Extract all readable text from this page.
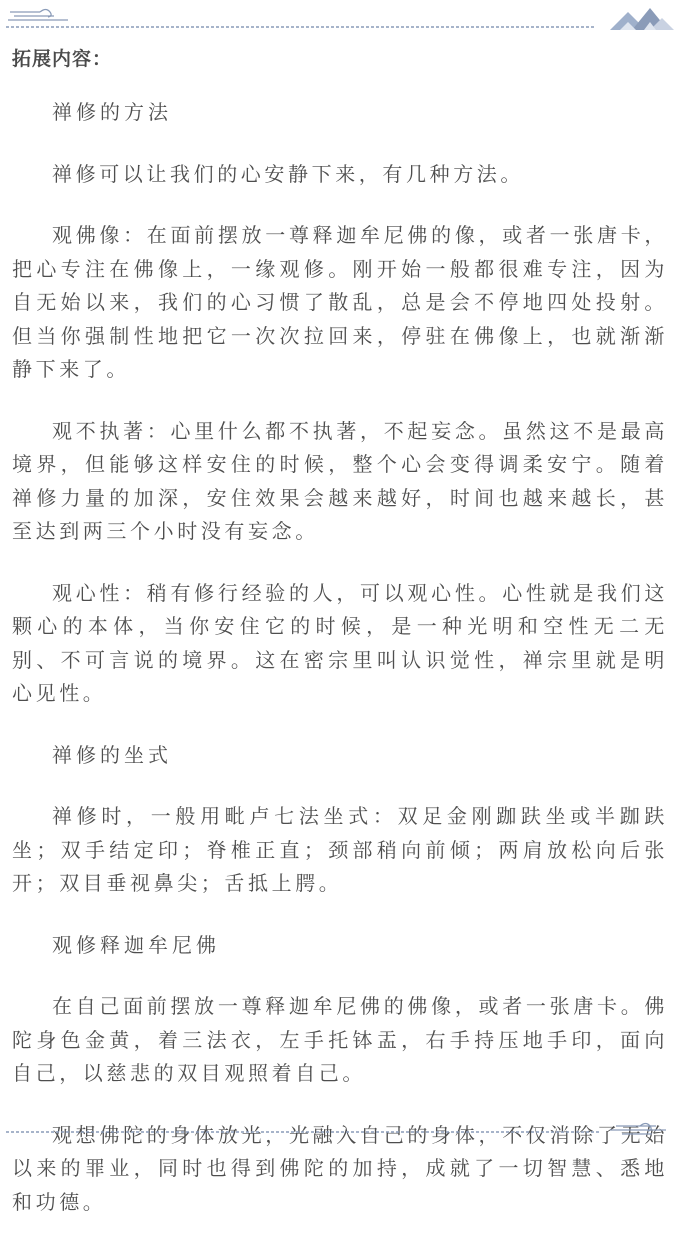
拓展内容：

禅修的方法

禅修可以让我们的心安静下来，有几种方法。

观佛像：在面前摆放一尊释迦牟尼佛的像，或者一张唐卡，把心专注在佛像上，一缘观修。刚开始一般都很难专注，因为自无始以来，我们的心习惯了散乱，总是会不停地四处投射。但当你强制性地把它一次次拉回来，停驻在佛像上，也就渐渐静下来了。

观不执著：心里什么都不执著，不起妄念。虽然这不是最高境界，但能够这样安住的时候，整个心会变得调柔安宁。随着禅修力量的加深，安住效果会越来越好，时间也越来越长，甚至达到两三个小时没有妄念。

观心性：稍有修行经验的人，可以观心性。心性就是我们这颗心的本体，当你安住它的时候，是一种光明和空性无二无别、不可言说的境界。这在密宗里叫认识觉性，禅宗里就是明心见性。

禅修的坐式

禅修时，一般用毗卢七法坐式：双足金刚跏趺坐或半跏趺坐；双手结定印；脊椎正直；颈部稍向前倾；两肩放松向后张开；双目垂视鼻尖；舌抵上腭。

观修释迦牟尼佛

在自己面前摆放一尊释迦牟尼佛的佛像，或者一张唐卡。佛陀身色金黄，着三法衣，左手托钵盂，右手持压地手印，面向自己，以慈悲的双目观照着自己。

观想佛陀的身体放光，光融入自己的身体，不仅消除了无始以来的罪业，同时也得到佛陀的加持，成就了一切智慧、悉地和功德。
